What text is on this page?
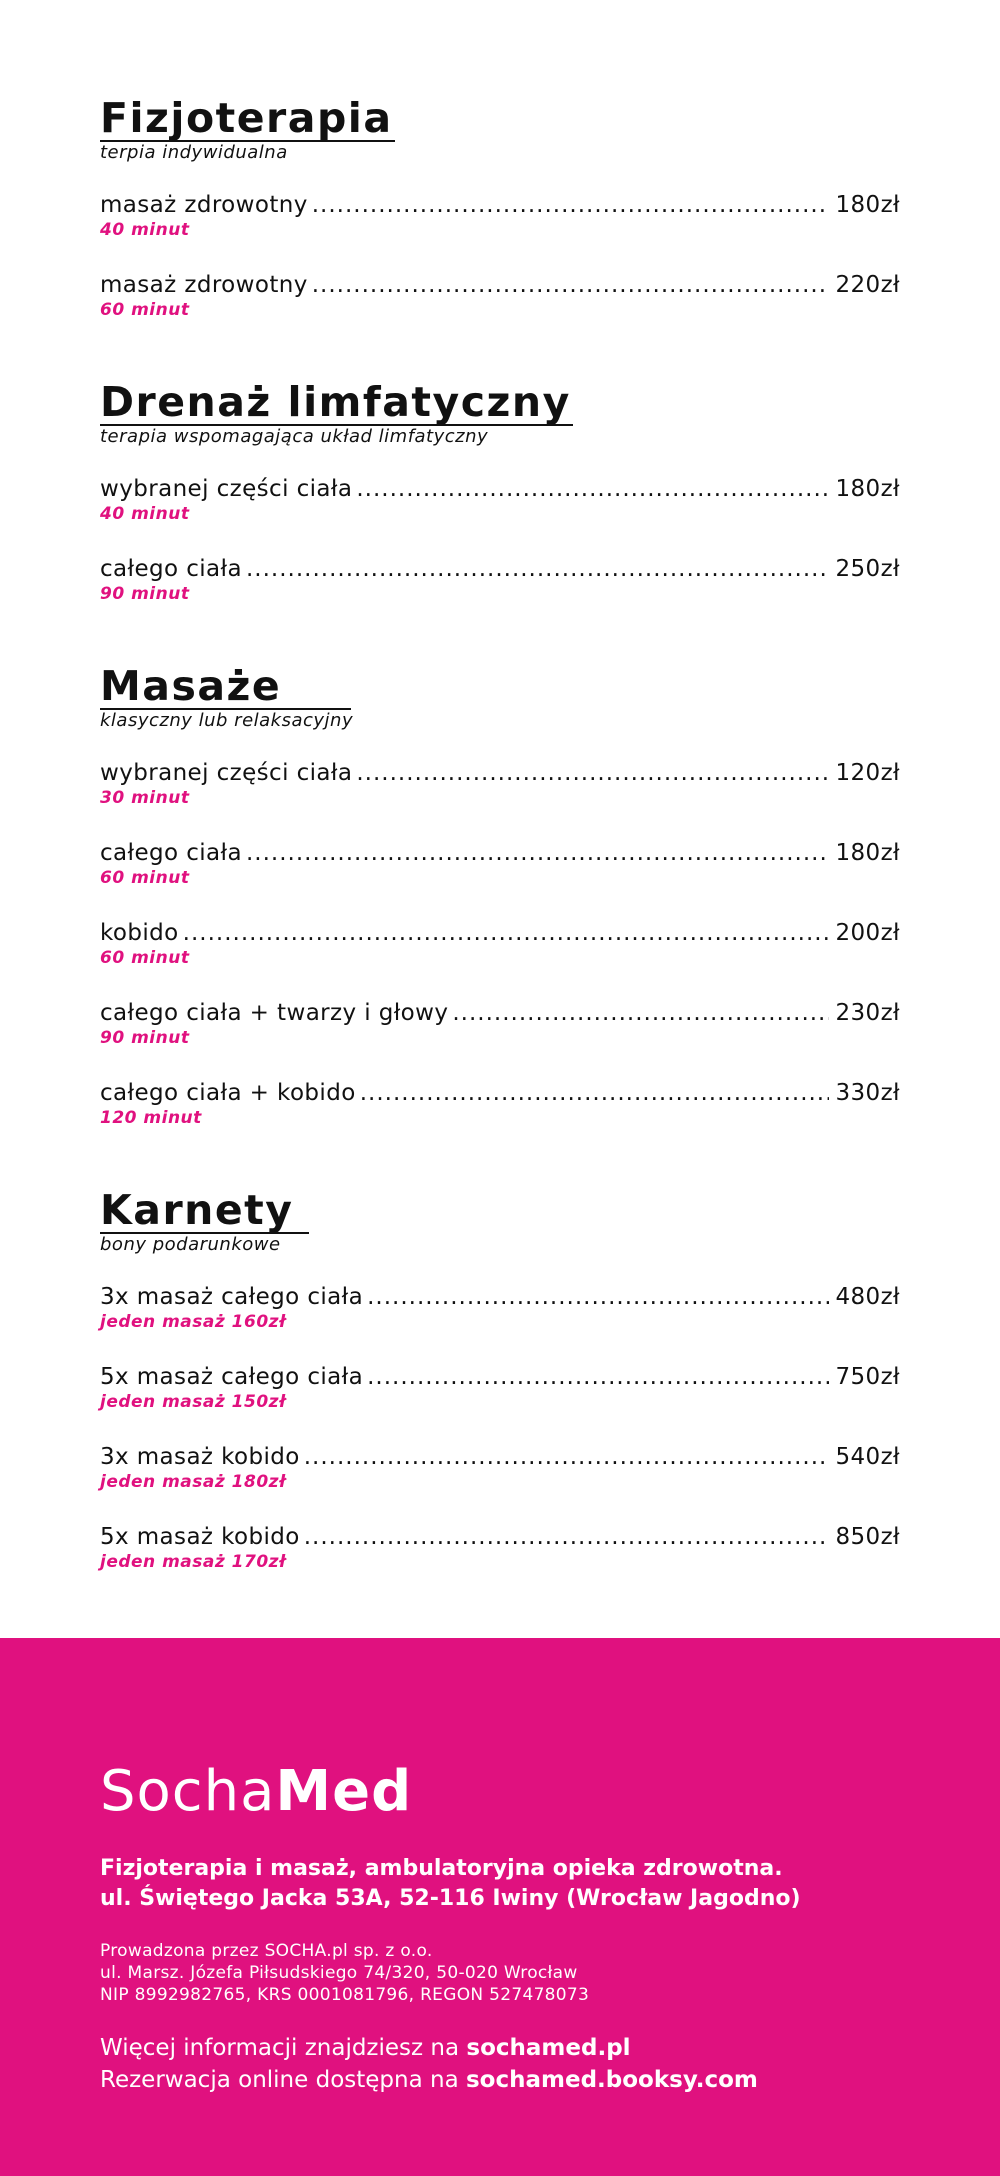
Fizjoterapia
terpia indywidualna
masaż zdrowotny .....	180zł
40 minut
masaż zdrowotny .....	220zł
60 minut
Drenaż limfatyczny
terapia wspomagająca układ limfatyczny
wybranej części ciała .....	180zł
40 minut
całego ciała .....	250zł
90 minut
Masaże
klasyczny lub relaksacyjny
wybranej części ciała .....	120zł
30 minut
całego ciała .....	180zł
60 minut
kobido .....	200zł
60 minut
całego ciała + twarzy i głowy .....	230zł
90 minut
całego ciała + kobido .....	330zł
120 minut
Karnety
bony podarunkowe
3x masaż całego ciała .....	480zł
jeden masaż 160zł
5x masaż całego ciała .....	750zł
jeden masaż 150zł
3x masaż kobido .....	540zł
jeden masaż 180zł
5x masaż kobido .....	850zł
jeden masaż 170zł
SochaMed
Fizjoterapia i masaż, ambulatoryjna opieka zdrowotna.
ul. Świętego Jacka 53A, 52-116 Iwiny (Wrocław Jagodno)
Prowadzona przez SOCHA.pl sp. z o.o.
ul. Marsz. Józefa Piłsudskiego 74/320, 50-020 Wrocław
NIP 8992982765, KRS 0001081796, REGON 527478073
Więcej informacji znajdziesz na sochamed.pl
Rezerwacja online dostępna na sochamed.booksy.com
